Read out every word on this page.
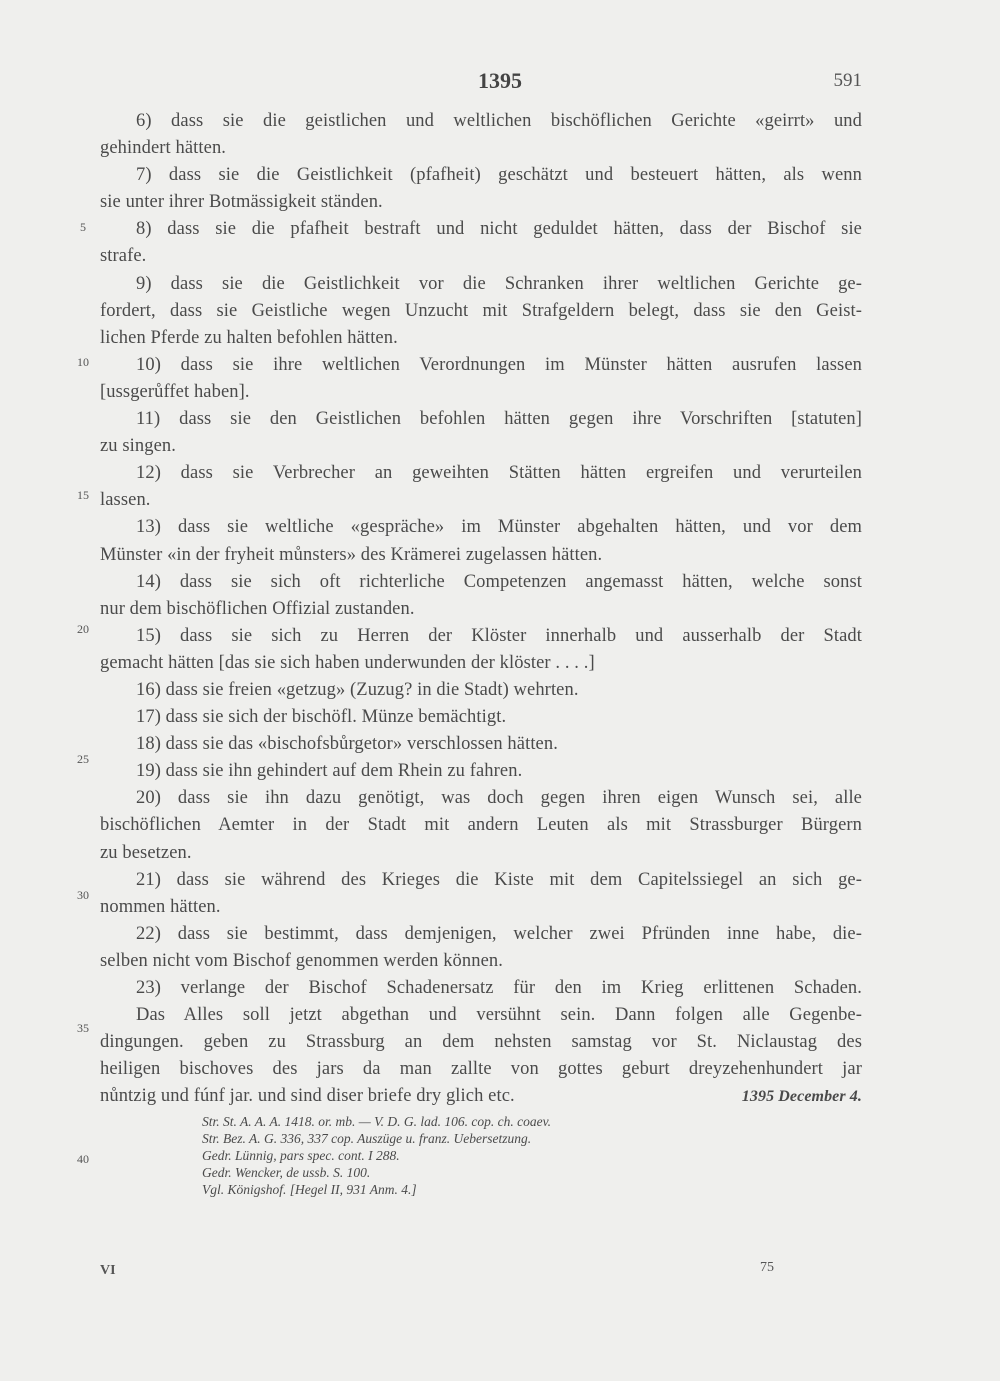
1395	591
5
10
15
20
25
30
35
40
6) dass sie die geistlichen und weltlichen bischöflichen Gerichte «geirrt» und
gehindert hätten.
7) dass sie die Geistlichkeit (pfafheit) geschätzt und besteuert hätten, als wenn
sie unter ihrer Botmässigkeit ständen.
8) dass sie die pfafheit bestraft und nicht geduldet hätten, dass der Bischof sie
strafe.
9) dass sie die Geistlichkeit vor die Schranken ihrer weltlichen Gerichte ge-
fordert, dass sie Geistliche wegen Unzucht mit Strafgeldern belegt, dass sie den Geist-
lichen Pferde zu halten befohlen hätten.
10) dass sie ihre weltlichen Verordnungen im Münster hätten ausrufen lassen
[ussgerůffet haben].
11) dass sie den Geistlichen befohlen hätten gegen ihre Vorschriften [statuten]
zu singen.
12) dass sie Verbrecher an geweihten Stätten hätten ergreifen und verurteilen
lassen.
13) dass sie weltliche «gespräche» im Münster abgehalten hätten, und vor dem
Münster «in der fryheit můnsters» des Krämerei zugelassen hätten.
14) dass sie sich oft richterliche Competenzen angemasst hätten, welche sonst
nur dem bischöflichen Offizial zustanden.
15) dass sie sich zu Herren der Klöster innerhalb und ausserhalb der Stadt
gemacht hätten [das sie sich haben underwunden der klöster . . . .]
16) dass sie freien «getzug» (Zuzug? in die Stadt) wehrten.
17) dass sie sich der bischöfl. Münze bemächtigt.
18) dass sie das «bischofsbůrgetor» verschlossen hätten.
19) dass sie ihn gehindert auf dem Rhein zu fahren.
20) dass sie ihn dazu genötigt, was doch gegen ihren eigen Wunsch sei, alle
bischöflichen Aemter in der Stadt mit andern Leuten als mit Strassburger Bürgern
zu besetzen.
21) dass sie während des Krieges die Kiste mit dem Capitelssiegel an sich ge-
nommen hätten.
22) dass sie bestimmt, dass demjenigen, welcher zwei Pfründen inne habe, die-
selben nicht vom Bischof genommen werden können.
23) verlange der Bischof Schadenersatz für den im Krieg erlittenen Schaden.
Das Alles soll jetzt abgethan und versühnt sein. Dann folgen alle Gegenbe-
dingungen. geben zu Strassburg an dem nehsten samstag vor St. Niclaustag des
heiligen bischoves des jars da man zallte von gottes geburt dreyzehenhundert jar
nůntzig und fúnf jar. und sind diser briefe dry glich etc.	1395 December 4.
Str. St. A. A. A. 1418. or. mb. — V. D. G. lad. 106. cop. ch. coaev.
Str. Bez. A. G. 336, 337 cop. Auszüge u. franz. Uebersetzung.
Gedr. Lünnig, pars spec. cont. I 288.
Gedr. Wencker, de ussb. S. 100.
Vgl. Königshof. [Hegel II, 931 Anm. 4.]
VI	75
